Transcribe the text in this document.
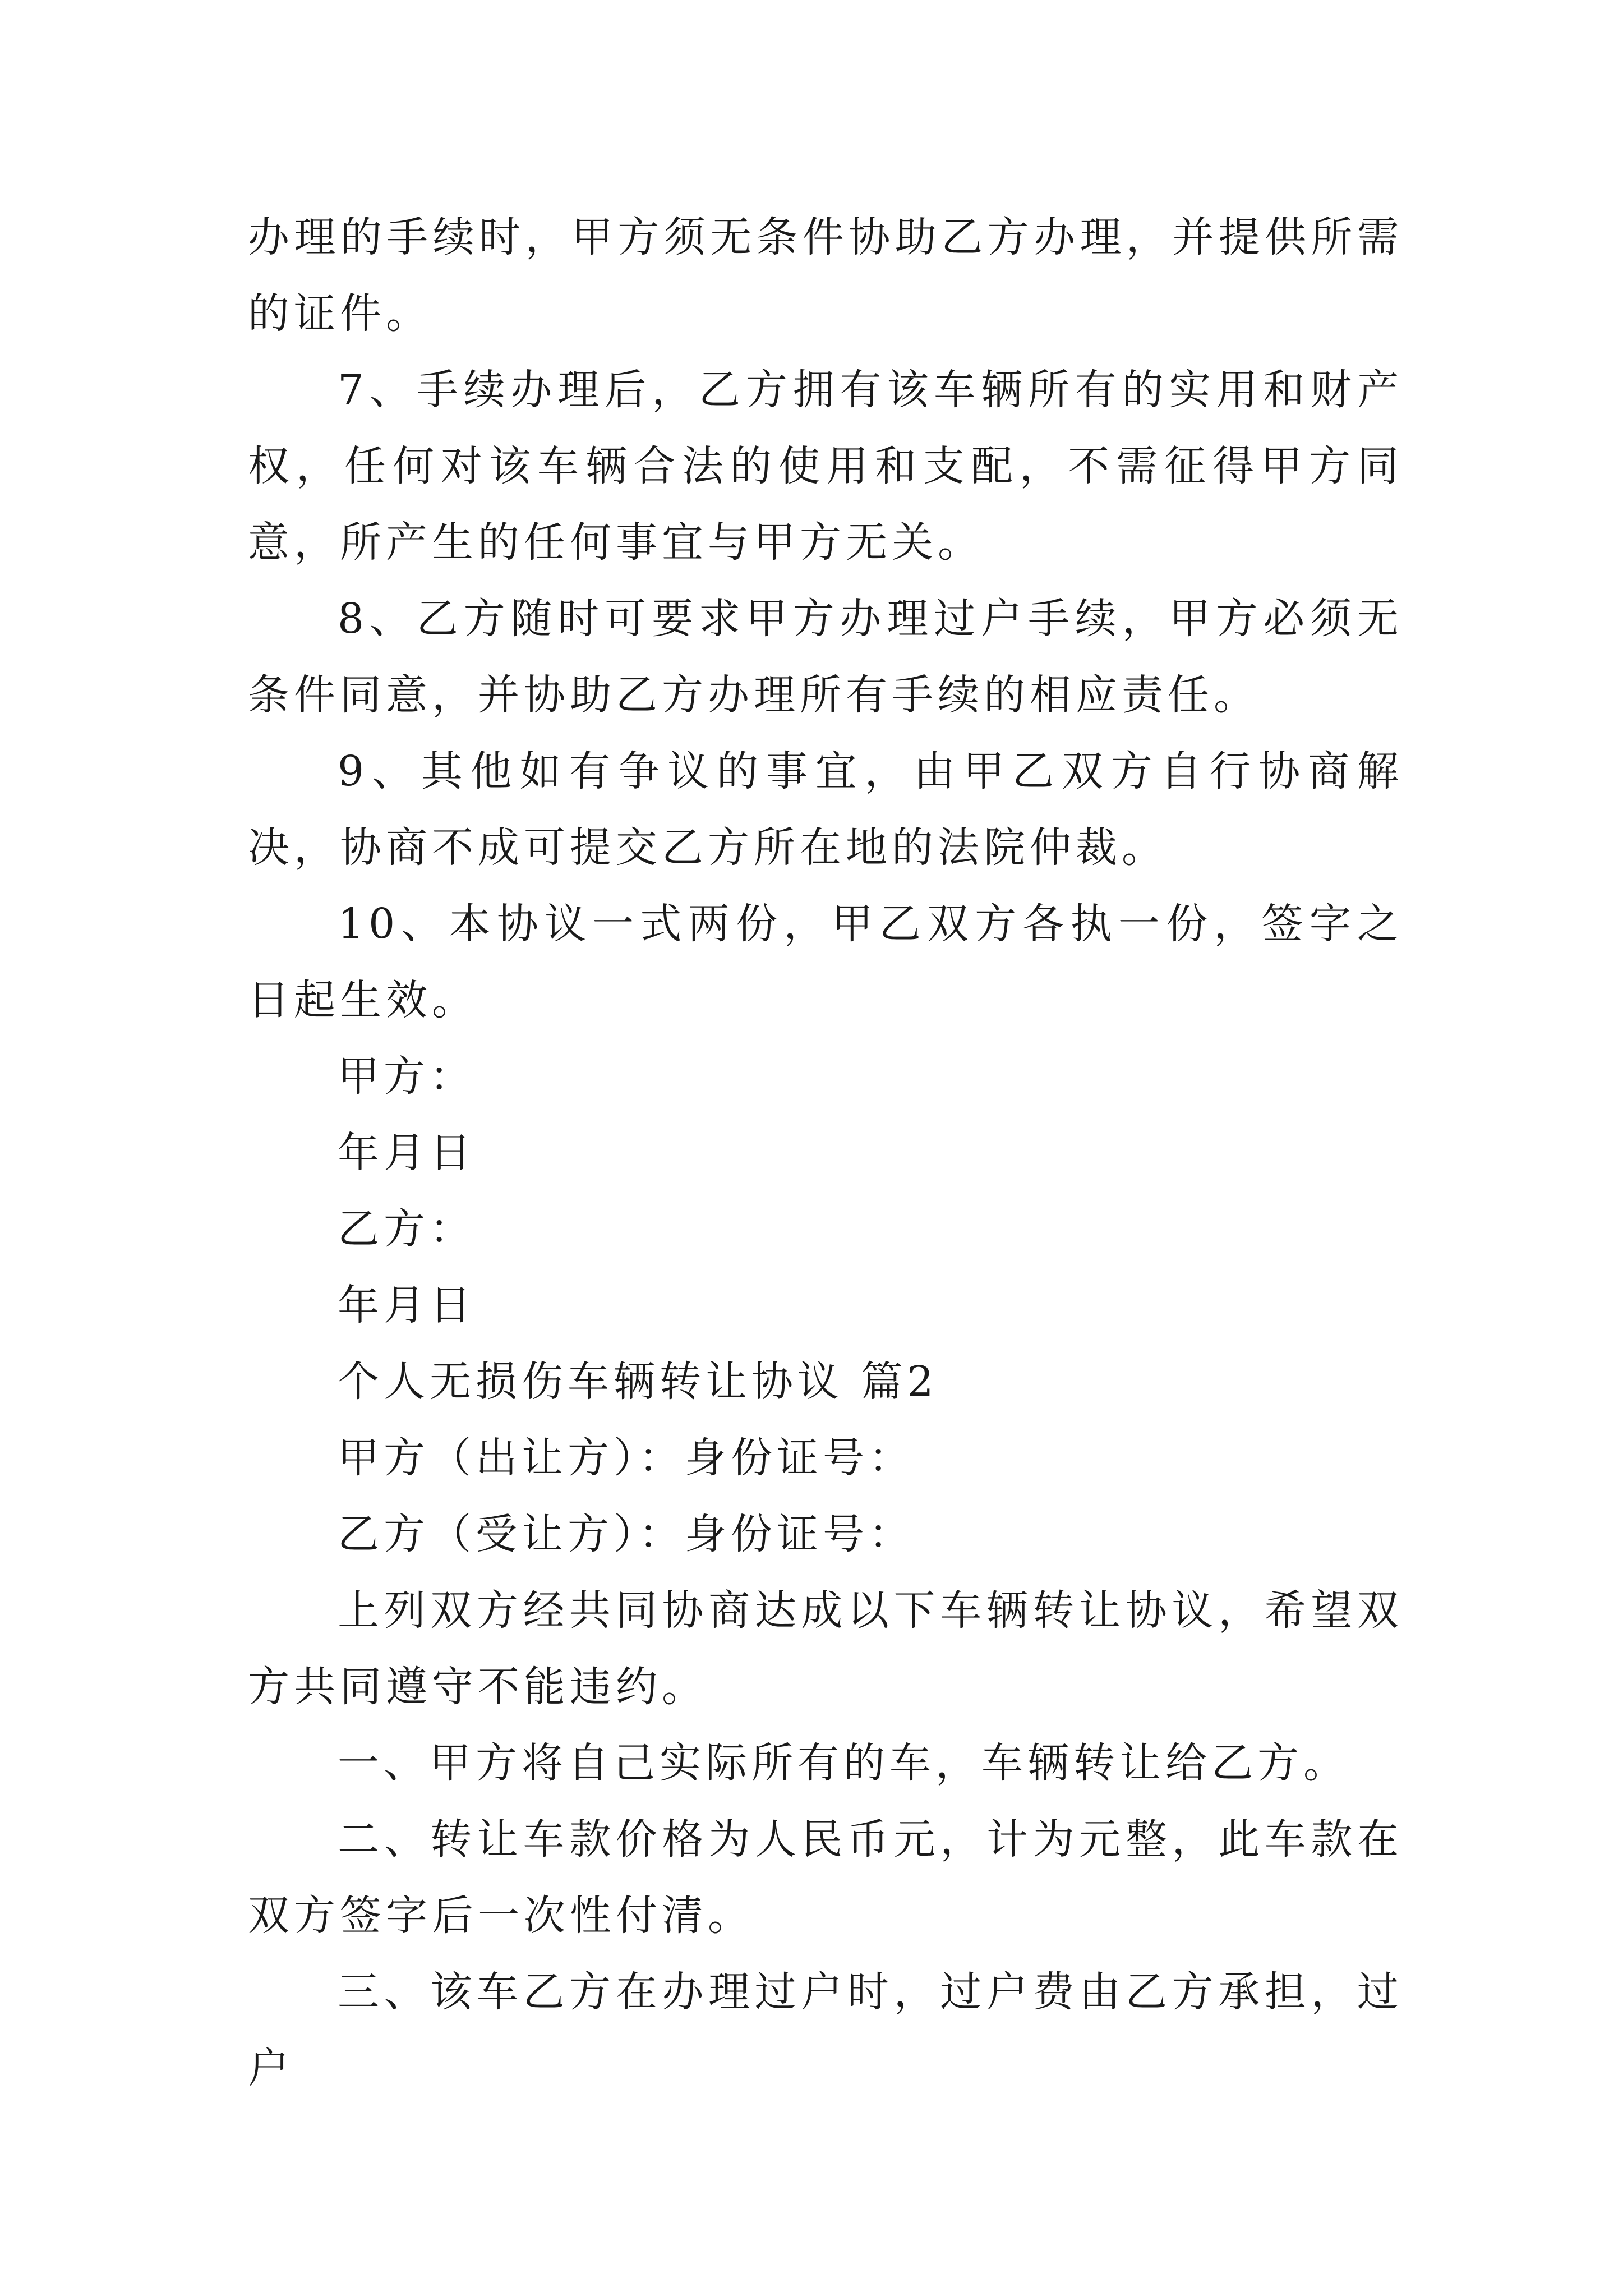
办理的手续时，甲方须无条件协助乙方办理，并提供所需的证件。

7、手续办理后，乙方拥有该车辆所有的实用和财产权，任何对该车辆合法的使用和支配，不需征得甲方同意，所产生的任何事宜与甲方无关。

8、乙方随时可要求甲方办理过户手续，甲方必须无条件同意，并协助乙方办理所有手续的相应责任。

9、其他如有争议的事宜，由甲乙双方自行协商解决，协商不成可提交乙方所在地的法院仲裁。

10、本协议一式两份，甲乙双方各执一份，签字之日起生效。

甲方：

年月日

乙方：

年月日

个人无损伤车辆转让协议 篇2

甲方（出让方）：身份证号：

乙方（受让方）：身份证号：

上列双方经共同协商达成以下车辆转让协议，希望双方共同遵守不能违约。

一、甲方将自己实际所有的车，车辆转让给乙方。

二、转让车款价格为人民币元，计为元整，此车款在双方签字后一次性付清。

三、该车乙方在办理过户时，过户费由乙方承担，过户
